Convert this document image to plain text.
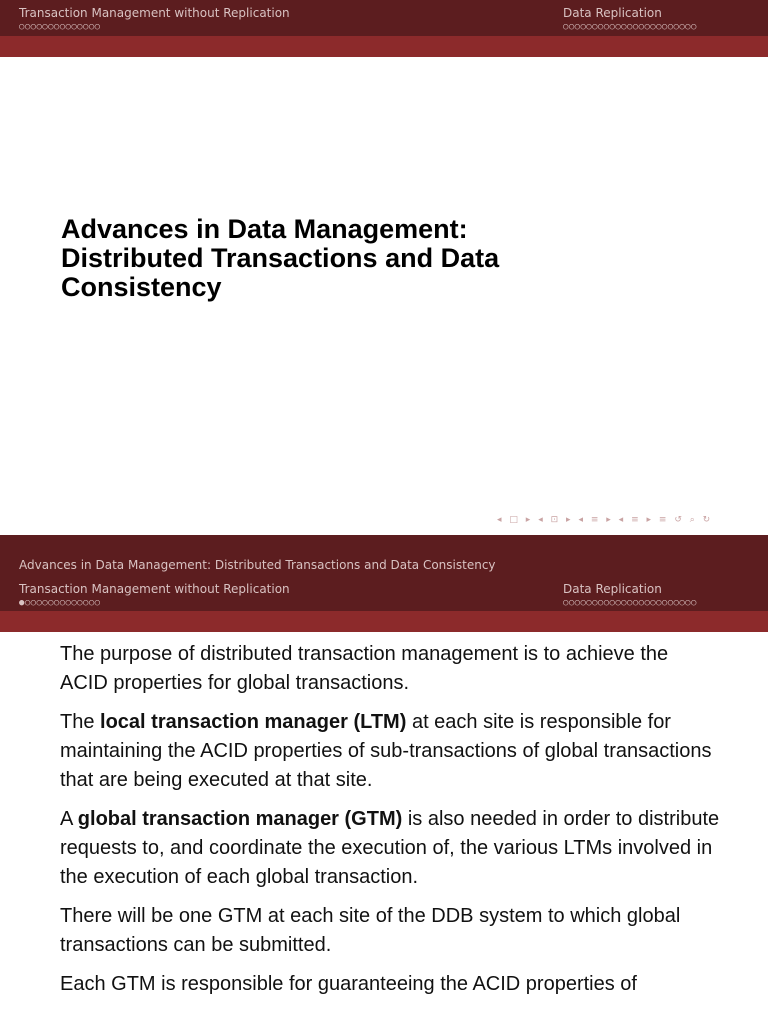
Transaction Management without Replication
○○○○○○○○○○○○○○
Data Replication
○○○○○○○○○○○○○○○○○○○○○○○
Advances in Data Management:
Distributed Transactions and Data
Consistency
◂ □ ▸ ◂ ⊡ ▸ ◂ ≡ ▸ ◂ ≡ ▸ ≡ ↺ ⌕ ↻
Advances in Data Management: Distributed Transactions and Data Consistency
Transaction Management without Replication
●○○○○○○○○○○○○○
Data Replication
○○○○○○○○○○○○○○○○○○○○○○○

The purpose of distributed transaction management is to achieve the ACID properties for global transactions.

The local transaction manager (LTM) at each site is responsible for maintaining the ACID properties of sub-transactions of global transactions that are being executed at that site.

A global transaction manager (GTM) is also needed in order to distribute requests to, and coordinate the execution of, the various LTMs involved in the execution of each global transaction.

There will be one GTM at each site of the DDB system to which global transactions can be submitted.

Each GTM is responsible for guaranteeing the ACID properties of
